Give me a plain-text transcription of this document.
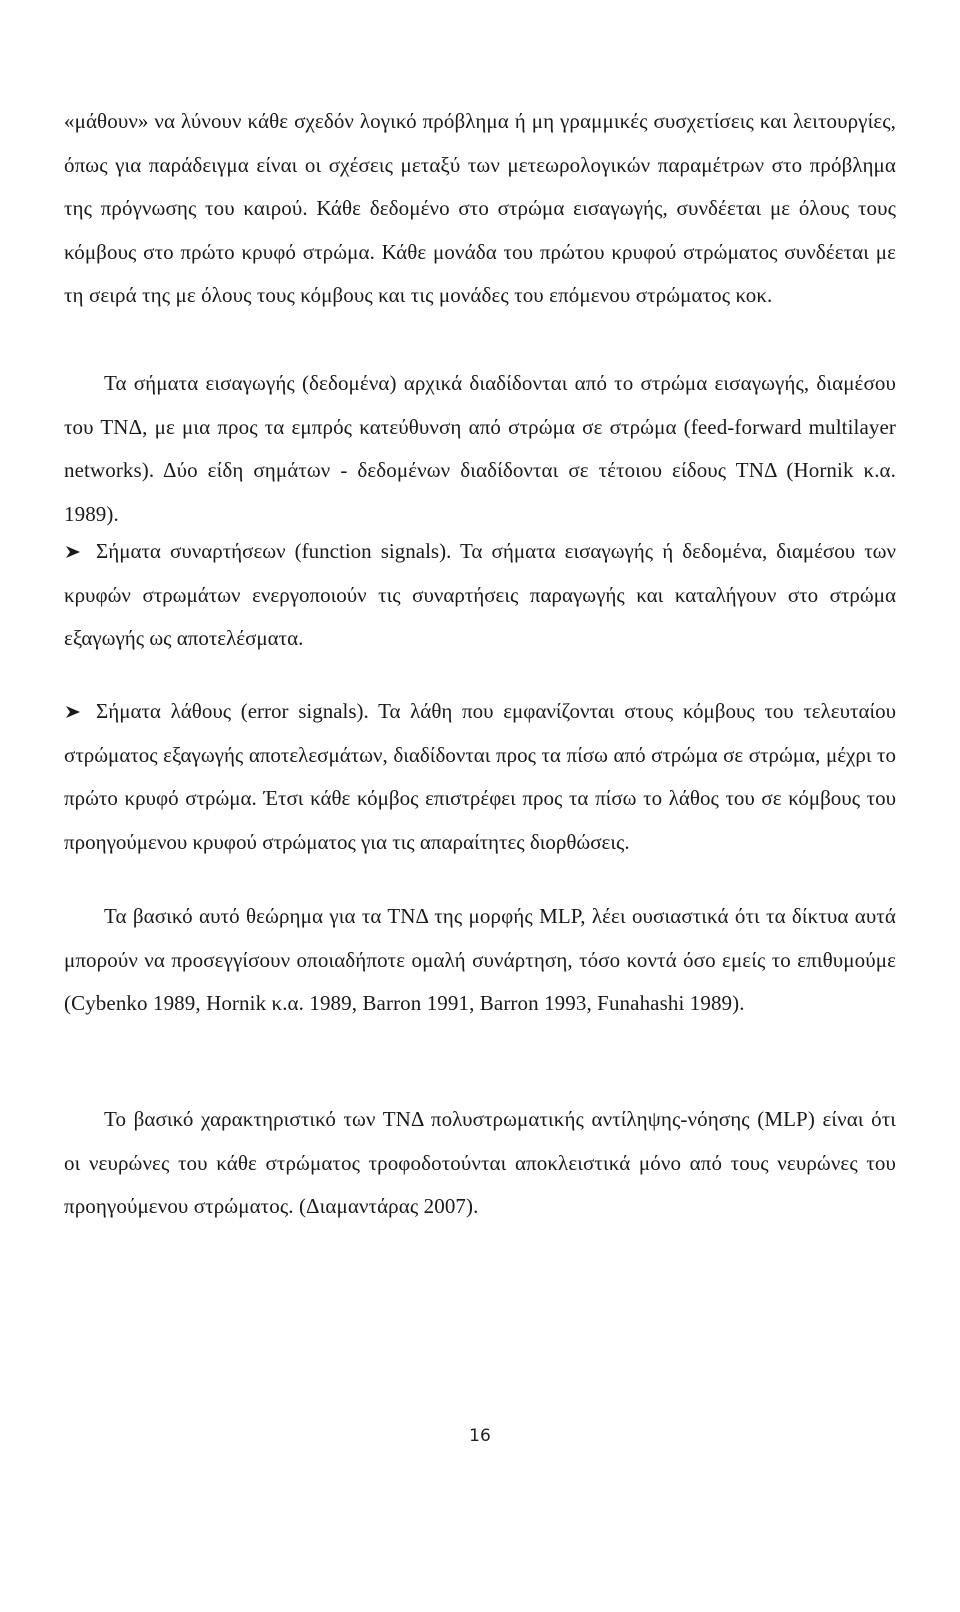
«μάθουν» να λύνουν κάθε σχεδόν λογικό πρόβλημα ή μη γραμμικές συσχετίσεις και λειτουργίες, όπως για παράδειγμα είναι οι σχέσεις μεταξύ των μετεωρολογικών παραμέτρων στο πρόβλημα της πρόγνωσης του καιρού. Κάθε δεδομένο στο στρώμα εισαγωγής, συνδέεται με όλους τους κόμβους στο πρώτο κρυφό στρώμα. Κάθε μονάδα του πρώτου κρυφού στρώματος συνδέεται με τη σειρά της με όλους τους κόμβους και τις μονάδες του επόμενου στρώματος κοκ.

Τα σήματα εισαγωγής (δεδομένα) αρχικά διαδίδονται από το στρώμα εισαγωγής, διαμέσου του ΤΝΔ, με μια προς τα εμπρός κατεύθυνση από στρώμα σε στρώμα (feed-forward multilayer networks). Δύο είδη σημάτων - δεδομένων διαδίδονται σε τέτοιου είδους ΤΝΔ (Hornik κ.α. 1989).

Σήματα συναρτήσεων (function signals). Τα σήματα εισαγωγής ή δεδομένα, διαμέσου των κρυφών στρωμάτων ενεργοποιούν τις συναρτήσεις παραγωγής και καταλήγουν στο στρώμα εξαγωγής ως αποτελέσματα.
Σήματα λάθους (error signals). Τα λάθη που εμφανίζονται στους κόμβους του τελευταίου στρώματος εξαγωγής αποτελεσμάτων, διαδίδονται προς τα πίσω από στρώμα σε στρώμα, μέχρι το πρώτο κρυφό στρώμα. Έτσι κάθε κόμβος επιστρέφει προς τα πίσω το λάθος του σε κόμβους του προηγούμενου κρυφού στρώματος για τις απαραίτητες διορθώσεις.

Τα βασικό αυτό θεώρημα για τα ΤΝΔ της μορφής MLP, λέει ουσιαστικά ότι τα δίκτυα αυτά μπορούν να προσεγγίσουν οποιαδήποτε ομαλή συνάρτηση, τόσο κοντά όσο εμείς το επιθυμούμε (Cybenko 1989, Hornik κ.α. 1989, Barron 1991, Barron 1993, Funahashi 1989).

Το βασικό χαρακτηριστικό των ΤΝΔ πολυστρωματικής αντίληψης-νόησης (MLP) είναι ότι οι νευρώνες του κάθε στρώματος τροφοδοτούνται αποκλειστικά μόνο από τους νευρώνες του προηγούμενου στρώματος. (Διαμαντάρας 2007).

16
